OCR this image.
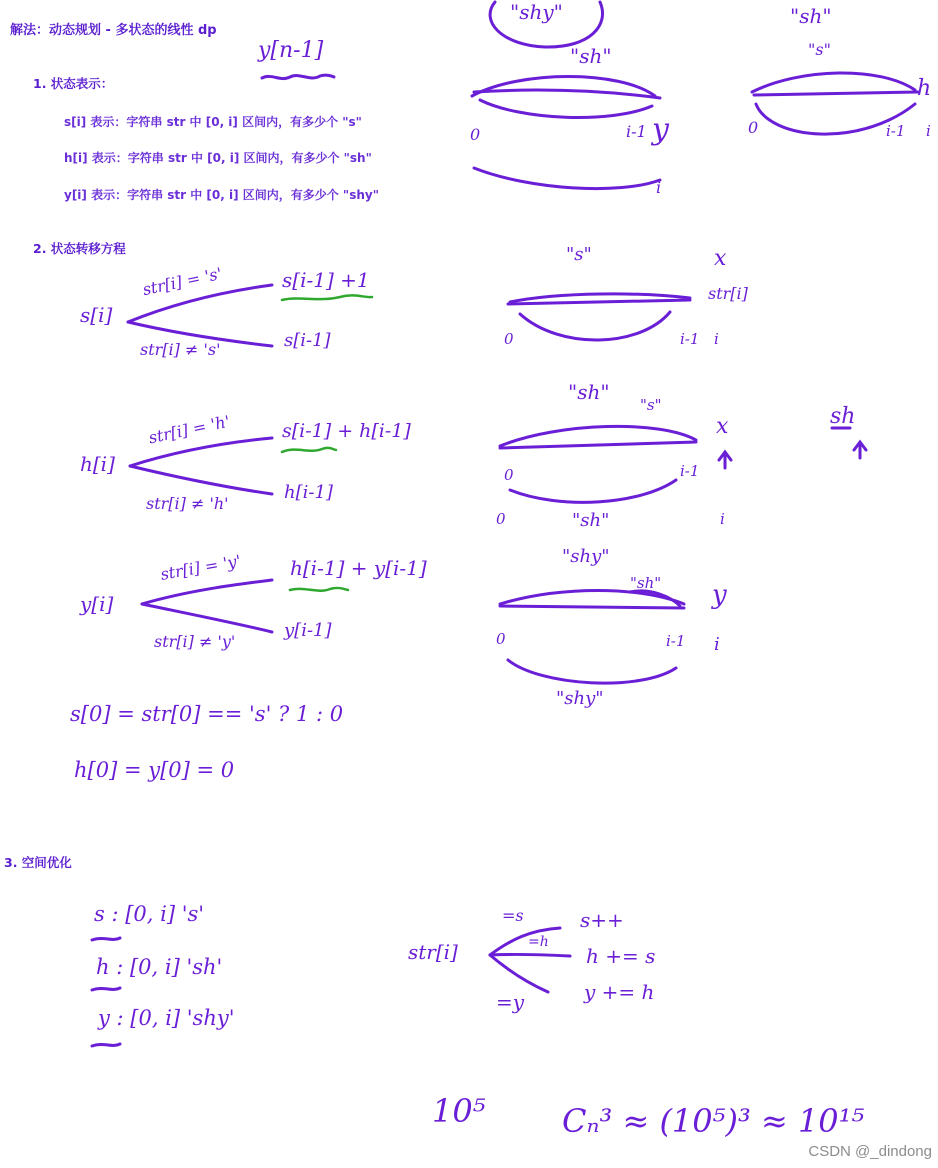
解法：动态规划 - 多状态的线性 dp

1. 状态表示：

s[i] 表示：字符串 str 中 [0, i] 区间内，有多少个 "s"

h[i] 表示：字符串 str 中 [0, i] 区间内，有多少个 "sh"

y[i] 表示：字符串 str 中 [0, i] 区间内，有多少个 "shy"

2. 状态转移方程

3. 空间优化

y[n-1]
"shy"
"sh"
0	i-1 y
i
"sh"
"s"
h
0	i-1 i
s[i]
str[i] = 's'	s[i-1] +1
str[i] ≠ 's'	s[i-1]
"s"	x
str[i]
0	i-1 i
h[i]
str[i] = 'h'	s[i-1] + h[i-1]
str[i] ≠ 'h'
h[i-1]
"sh"
"s"
x
0	i-1
0	"sh"	i
sh
y[i]
str[i] = 'y' h[i-1] + y[i-1]
str[i] ≠ 'y'
y[i-1]
"shy"
"sh" y
0	i-1 i
"shy"
s[0] = str[0] == 's' ? 1 : 0
h[0] = y[0] = 0
s : [0, i] 's'
h : [0, i] 'sh'
y : [0, i] 'shy'
str[i]
=s
=h
=y
s++
h += s
y += h
10⁵ Cₙ³ ≈ (10⁵)³ ≈ 10¹⁵
CSDN @_dindong
